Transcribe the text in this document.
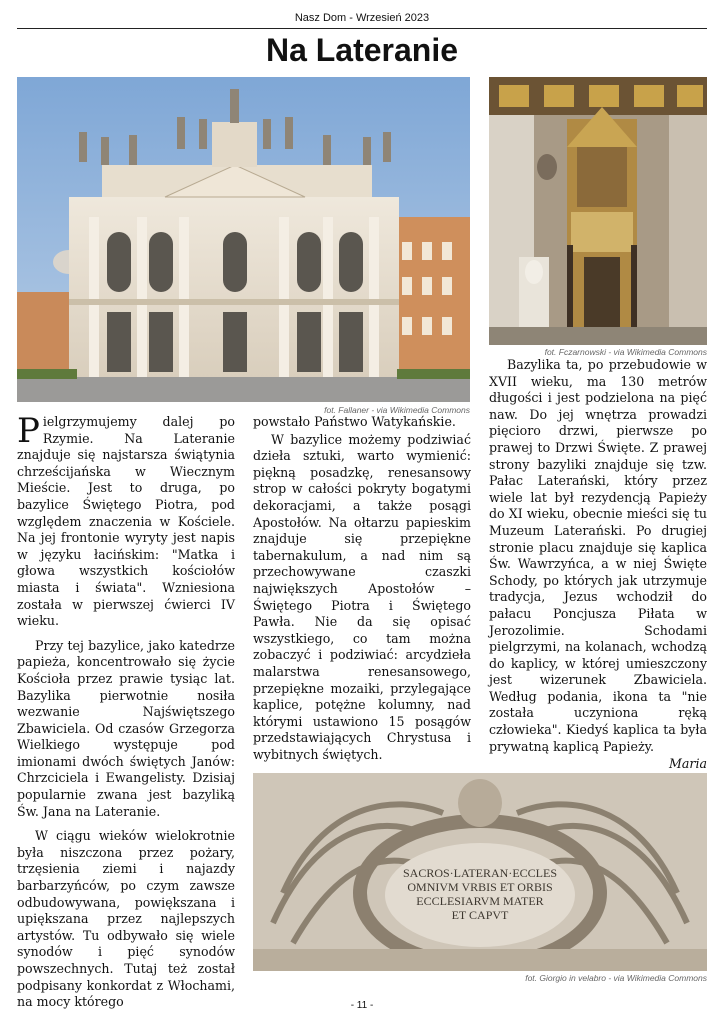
Nasz Dom - Wrzesień 2023
Na Lateranie
fot. Fallaner - via Wikimedia Commons
fot. Fczarnowski - via Wikimedia Commons

Pielgrzymujemy dalej po Rzymie. Na Lateranie znajduje się najstarsza świątynia chrześcijańska w Wiecznym Mieście. Jest to druga, po bazylice Świętego Piotra, pod względem znaczenia w Kościele. Na jej frontonie wyryty jest napis w języku łacińskim: "Matka i głowa wszystkich kościołów miasta i świata". Wzniesiona została w pierwszej ćwierci IV wieku.

Przy tej bazylice, jako katedrze papieża, koncentrowało się życie Kościoła przez prawie tysiąc lat. Bazylika pierwotnie nosiła wezwanie Najświętszego Zbawiciela. Od czasów Grzegorza Wielkiego występuje pod imionami dwóch świętych Janów: Chrzciciela i Ewangelisty. Dzisiaj popularnie zwana jest bazyliką Św. Jana na Lateranie.

W ciągu wieków wielokrotnie była niszczona przez pożary, trzęsienia ziemi i najazdy barbarzyńców, po czym zawsze odbudowywana, powiększana i upiększana przez najlepszych artystów. Tu odbywało się wiele synodów i pięć synodów powszechnych. Tutaj też został podpisany konkordat z Włochami, na mocy którego

powstało Państwo Watykańskie.

W bazylice możemy podziwiać dzieła sztuki, warto wymienić: piękną posadzkę, renesansowy strop w całości pokryty bogatymi dekoracjami, a także posągi Apostołów. Na ołtarzu papieskim znajduje się przepiękne tabernakulum, a nad nim są przechowywane czaszki największych Apostołów – Świętego Piotra i Świętego Pawła. Nie da się opisać wszystkiego, co tam można zobaczyć i podziwiać: arcydzieła malarstwa renesansowego, przepiękne mozaiki, przylegające kaplice, potężne kolumny, nad którymi ustawiono 15 posągów przedstawiających Chrystusa i wybitnych świętych.

Bazylika ta, po przebudowie w XVII wieku, ma 130 metrów długości i jest podzielona na pięć naw. Do jej wnętrza prowadzi pięcioro drzwi, pierwsze po prawej to Drzwi Święte. Z prawej strony bazyliki znajduje się tzw. Pałac Laterański, który przez wiele lat był rezydencją Papieży do XI wieku, obecnie mieści się tu Muzeum Laterański. Po drugiej stronie placu znajduje się kaplica Św. Wawrzyńca, a w niej Święte Schody, po których jak utrzymuje tradycja, Jezus wchodził do pałacu Poncjusza Piłata w Jerozolimie. Schodami pielgrzymi, na kolanach, wchodzą do kaplicy, w której umieszczony jest wizerunek Zbawiciela. Według podania, ikona ta "nie została uczyniona ręką człowieka". Kiedyś kaplica ta była prywatną kaplicą Papieży.

Maria
SACROS·LATERAN·ECCLES
OMNIVM VRBIS ET ORBIS
ECCLESIARVM MATER
ET CAPVT
fot. Giorgio in velabro - via Wikimedia Commons
- 11 -
